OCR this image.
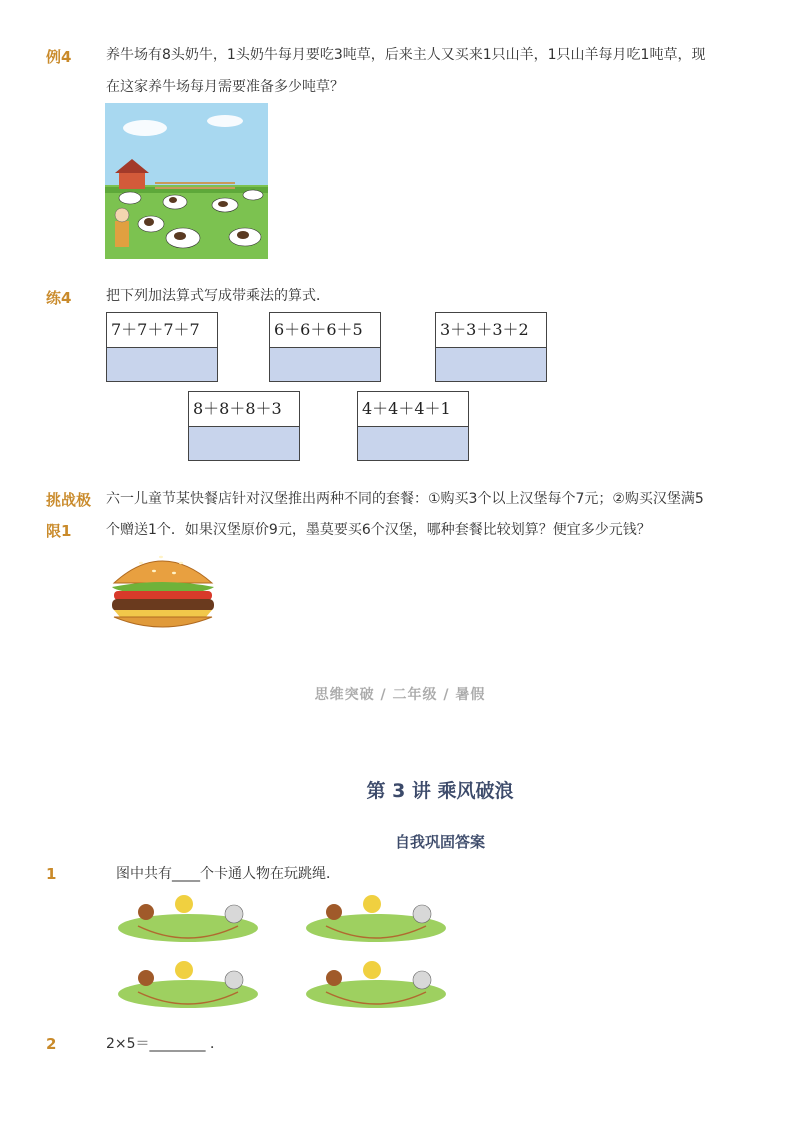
例4 养牛场有8头奶牛，1头奶牛每月要吃3吨草，后来主人又买来1只山羊，1只山羊每月吃1吨草，现
在这家养牛场每月需要准备多少吨草？
练4 把下列加法算式写成带乘法的算式．
7＋7＋7＋7	6＋6＋6＋5	3＋3＋3＋2
8＋8＋8＋3	4＋4＋4＋1
挑战极
限1
六一儿童节某快餐店针对汉堡推出两种不同的套餐：①购买3个以上汉堡每个7元；②购买汉堡满5
个赠送1个．如果汉堡原价9元，墨莫要买6个汉堡，哪种套餐比较划算？便宜多少元钱？
思维突破 / 二年级 / 暑假
第 3 讲 乘风破浪
自我巩固答案
1	图中共有____个卡通人物在玩跳绳．
2	2×5＝________ ．
